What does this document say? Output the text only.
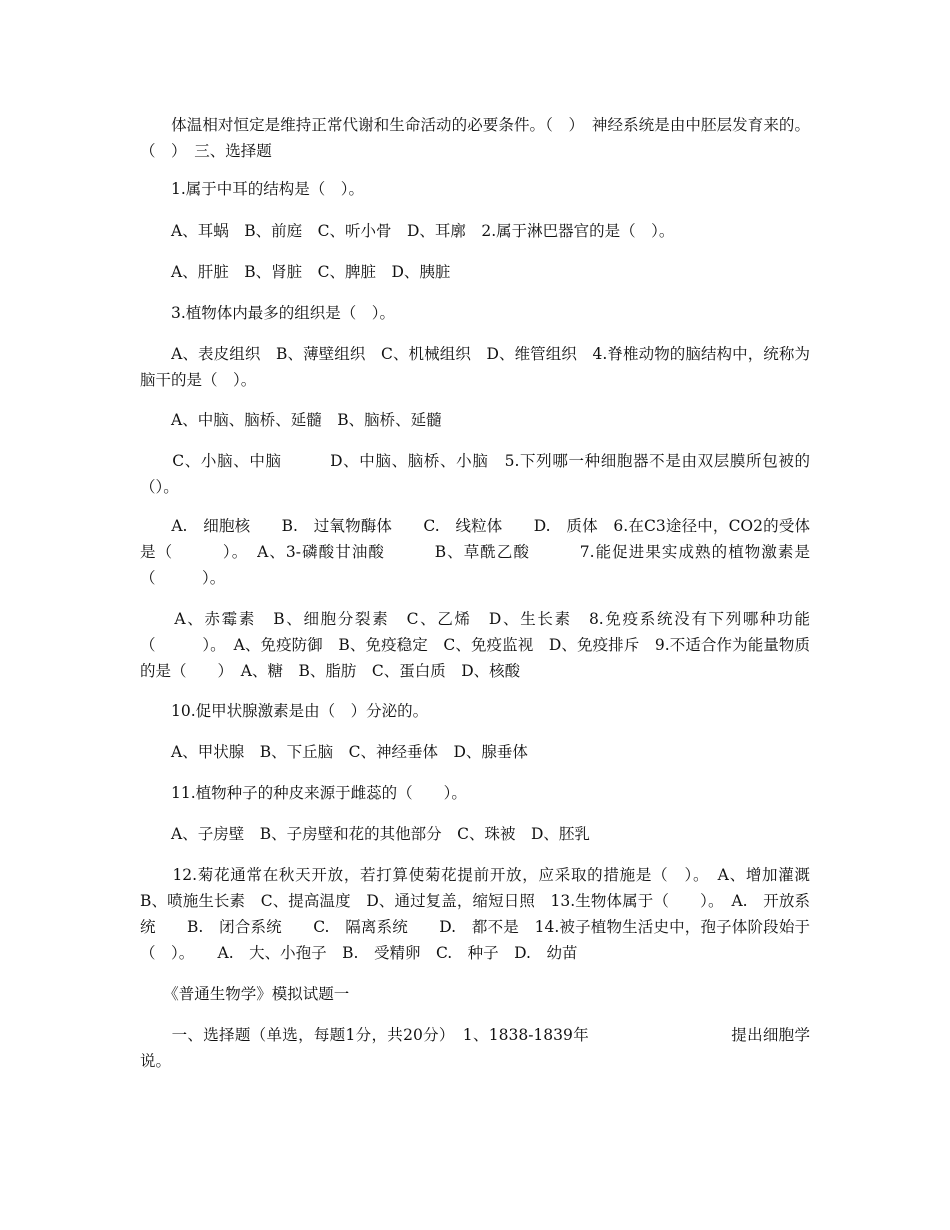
　　体温相对恒定是维持正常代谢和生命活动的必要条件。（　）　神经系统是由中胚层发育来的。（　）　三、选择题

　　1.属于中耳的结构是（　）。

　　A、耳蜗　B、前庭　C、听小骨　D、耳廓　2.属于淋巴器官的是（　）。

　　A、肝脏　B、肾脏　C、脾脏　D、胰脏

　　3.植物体内最多的组织是（　）。

　　A、表皮组织　B、薄壁组织　C、机械组织　D、维管组织　4.脊椎动物的脑结构中，统称为脑干的是（　）。

　　A、中脑、脑桥、延髓　B、脑桥、延髓

　　C、小脑、中脑　　　D、中脑、脑桥、小脑　5.下列哪一种细胞器不是由双层膜所包被的（）。

　　A.　细胞核　　B.　过氧物酶体　　C.　线粒体　　D.　质体　6.在C3途径中，CO2的受体是（　　　）。　A、3-磷酸甘油酸　　　B、草酰乙酸　　　7.能促进果实成熟的植物激素是（　　　）。

　　A、赤霉素　B、细胞分裂素　C、乙烯　D、生长素　8.免疫系统没有下列哪种功能（　　　）。　A、免疫防御　B、免疫稳定　C、免疫监视　D、免疫排斥　9.不适合作为能量物质的是（　　）　A、糖　B、脂肪　C、蛋白质　D、核酸

　　10.促甲状腺激素是由（　）分泌的。

　　A、甲状腺　B、下丘脑　C、神经垂体　D、腺垂体

　　11.植物种子的种皮来源于雌蕊的（　　）。

　　A、子房壁　B、子房壁和花的其他部分　C、珠被　D、胚乳

　　12.菊花通常在秋天开放，若打算使菊花提前开放，应采取的措施是（　）。　A、增加灌溉　B、喷施生长素　C、提高温度　D、通过复盖，缩短日照　13.生物体属于（　　）。　A.　开放系统　　B.　闭合系统　　C.　隔离系统　　D.　都不是　14.被子植物生活史中，孢子体阶段始于（　）。　　A.　大、小孢子　B.　受精卵　C.　种子　D.　幼苗

　　《普通生物学》模拟试题一

　　一、选择题（单选，每题1分，共20分）　1、1838-1839年　　　　　　　　　提出细胞学说。
